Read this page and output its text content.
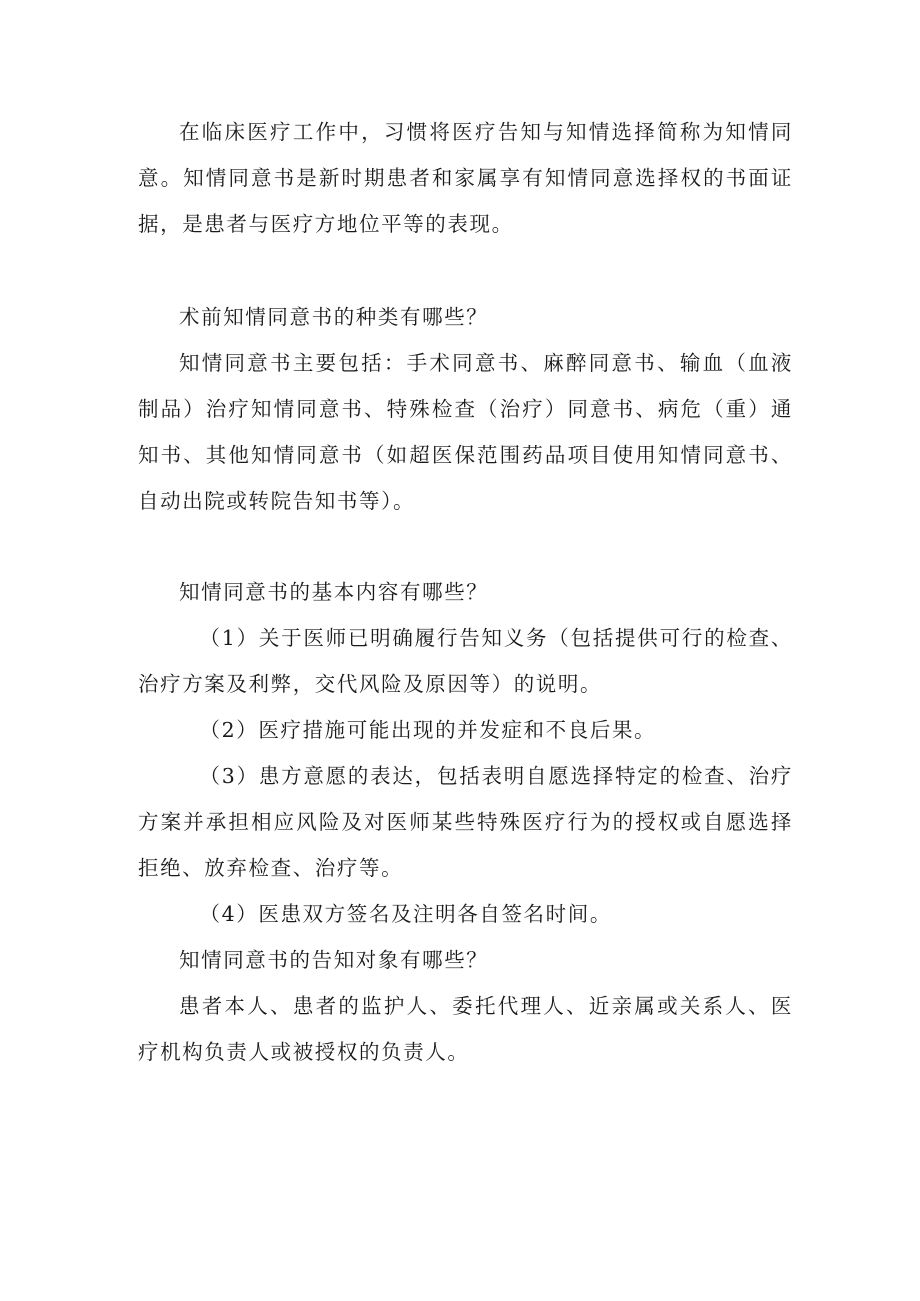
在临床医疗工作中，习惯将医疗告知与知情选择简称为知情同意。知情同意书是新时期患者和家属享有知情同意选择权的书面证据，是患者与医疗方地位平等的表现。

术前知情同意书的种类有哪些？

知情同意书主要包括：手术同意书、麻醉同意书、输血（血液制品）治疗知情同意书、特殊检查（治疗）同意书、病危（重）通知书、其他知情同意书（如超医保范围药品项目使用知情同意书、自动出院或转院告知书等）。

知情同意书的基本内容有哪些？

（1）关于医师已明确履行告知义务（包括提供可行的检查、治疗方案及利弊，交代风险及原因等）的说明。

（2）医疗措施可能出现的并发症和不良后果。

（3）患方意愿的表达，包括表明自愿选择特定的检查、治疗方案并承担相应风险及对医师某些特殊医疗行为的授权或自愿选择拒绝、放弃检查、治疗等。

（4）医患双方签名及注明各自签名时间。

知情同意书的告知对象有哪些？

患者本人、患者的监护人、委托代理人、近亲属或关系人、医疗机构负责人或被授权的负责人。
